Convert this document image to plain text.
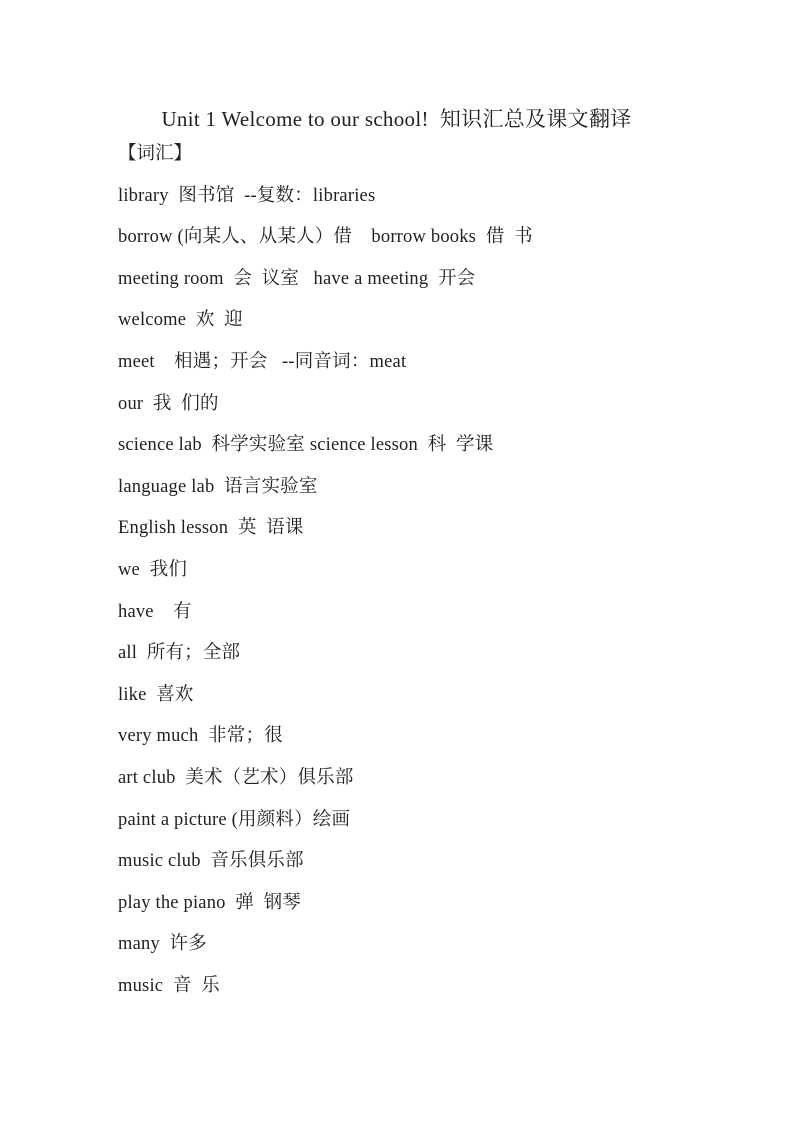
Unit 1 Welcome to our school!  知识汇总及课文翻译

【词汇】

library  图书馆  --复数：libraries

borrow (向某人、从某人）借    borrow books  借  书

meeting room  会  议室   have a meeting  开会

welcome  欢  迎

meet    相遇；开会   --同音词：meat

our  我  们的

science lab  科学实验室 science lesson  科  学课

language lab  语言实验室

English lesson  英  语课

we  我们

have    有

all  所有；全部

like  喜欢

very much  非常；很

art club  美术（艺术）俱乐部

paint a picture (用颜料）绘画

music club  音乐俱乐部

play the piano  弹  钢琴

many  许多

music  音  乐
